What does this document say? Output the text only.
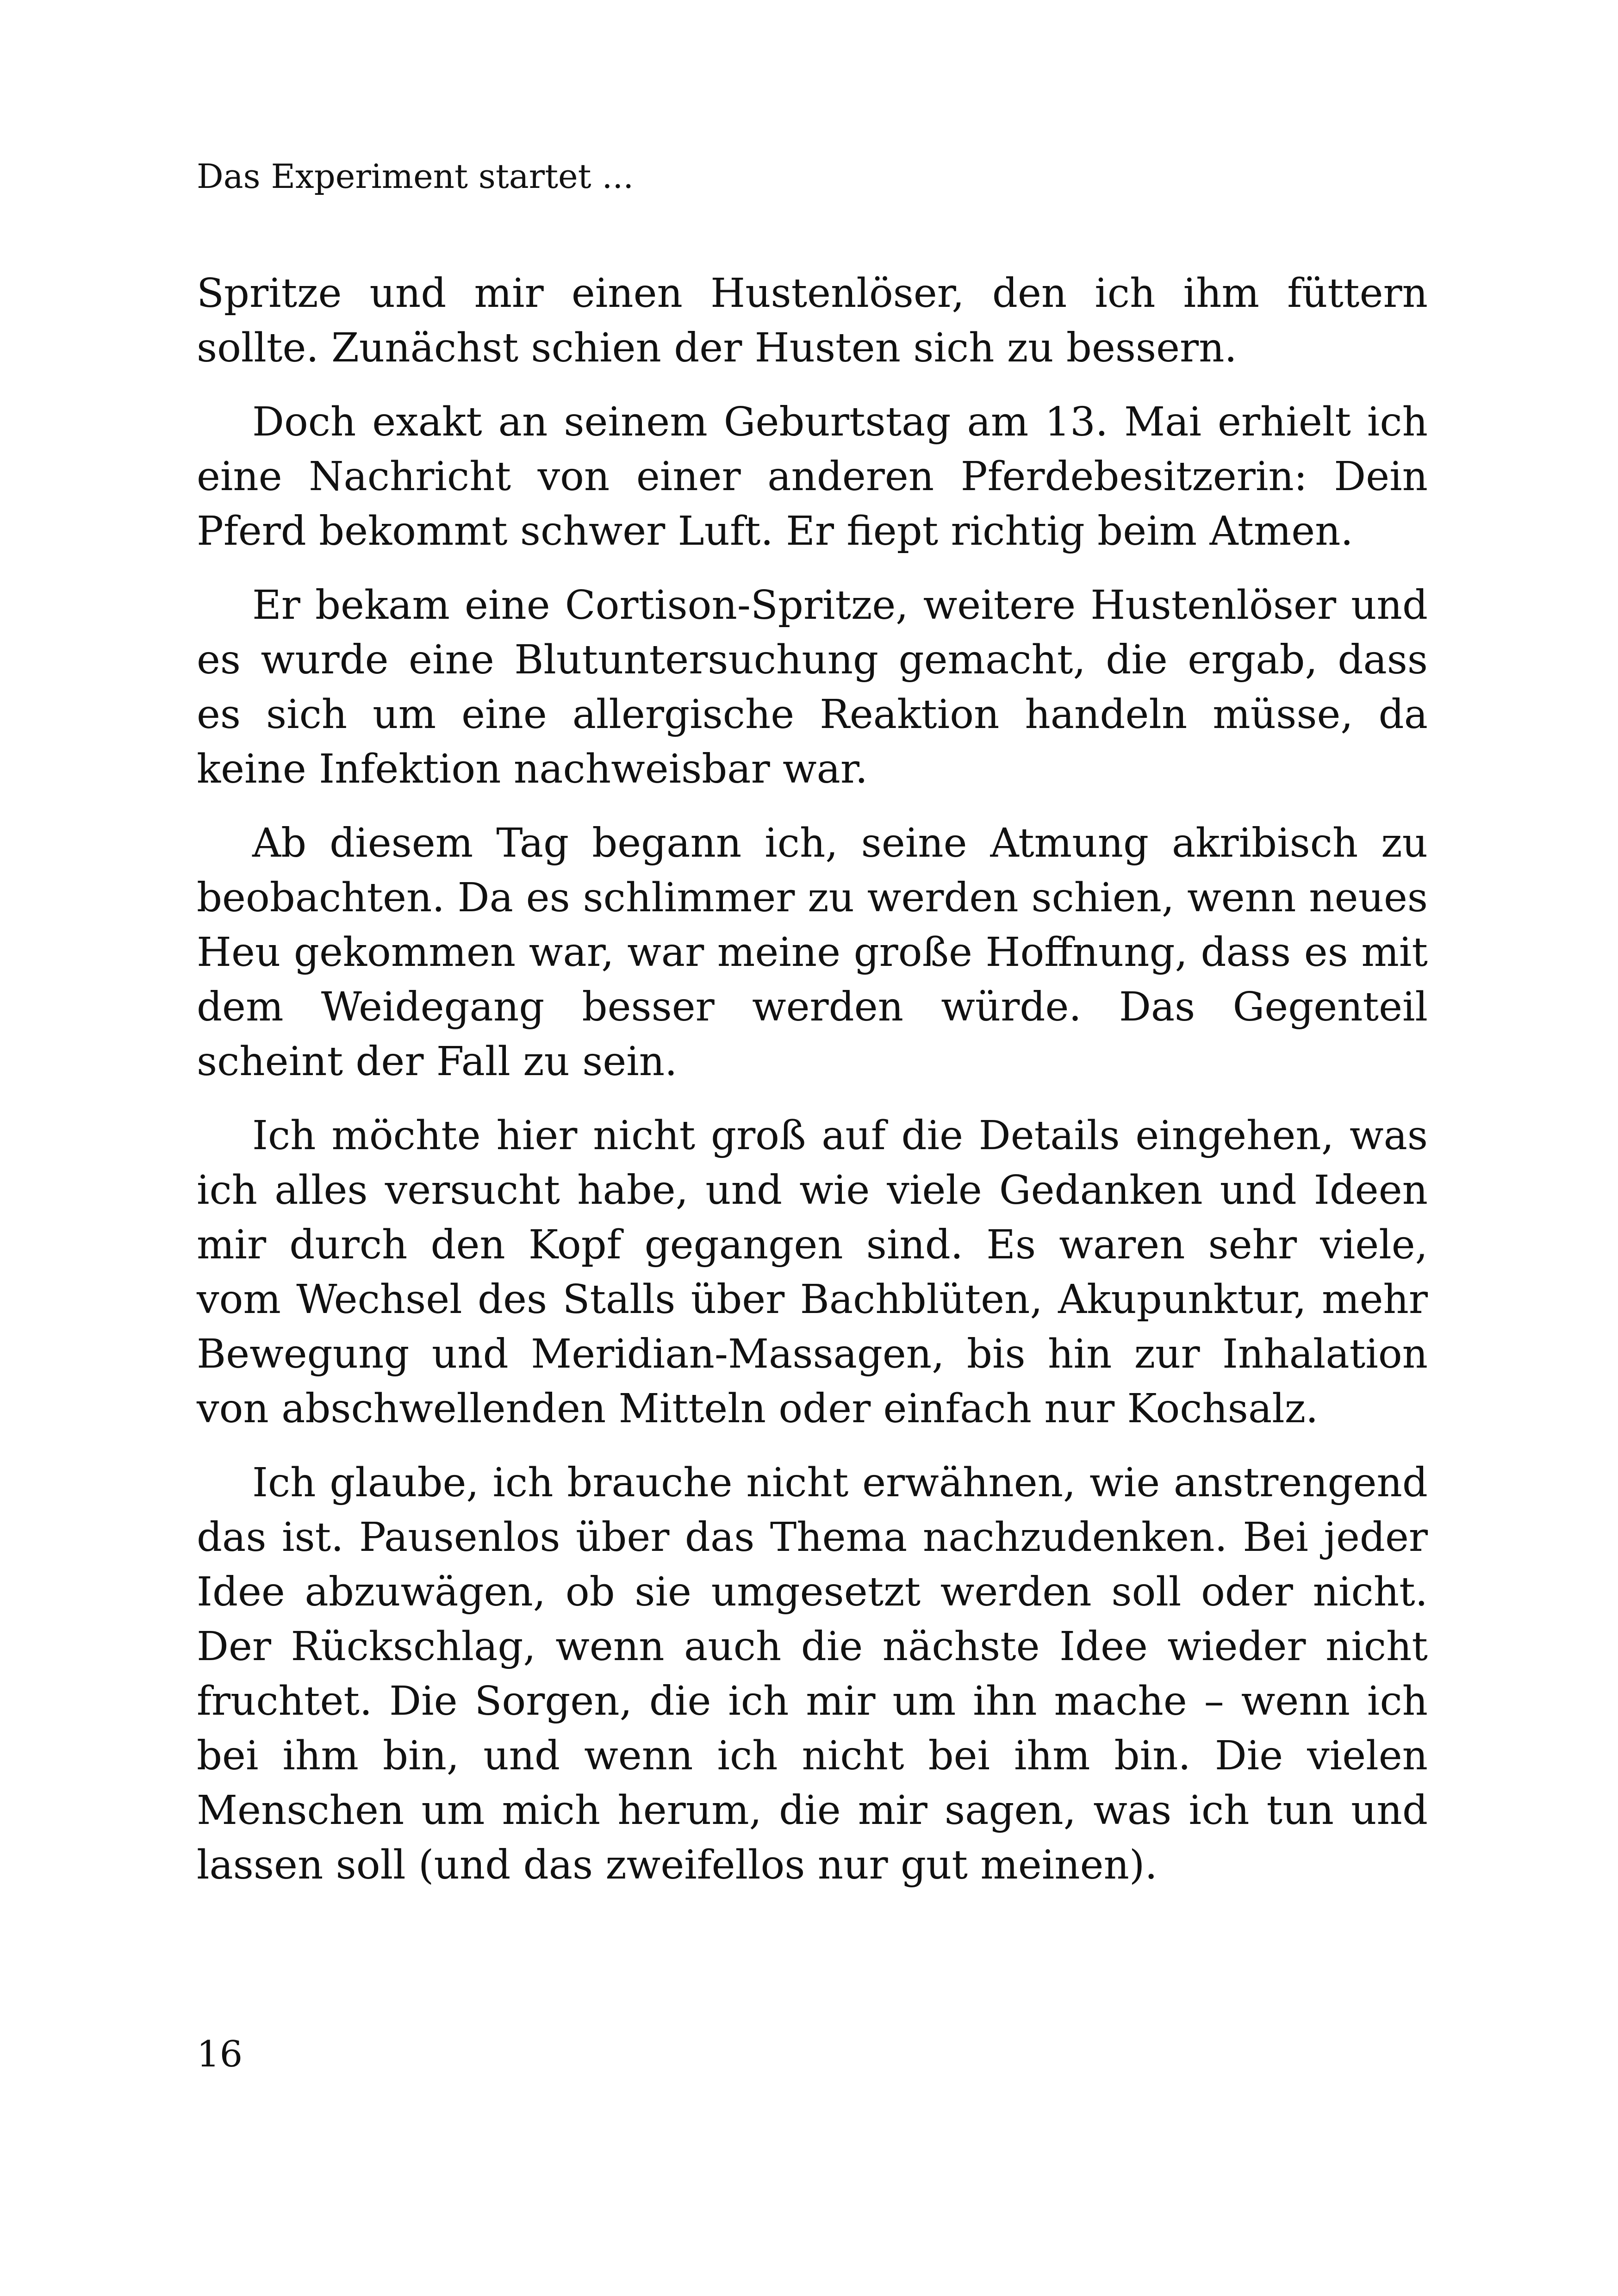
Das Experiment startet ...

Spritze und mir einen Hustenlöser, den ich ihm füttern sollte. Zunächst schien der Husten sich zu bessern.

Doch exakt an seinem Geburtstag am 13. Mai erhielt ich eine Nachricht von einer anderen Pferdebesitzerin: Dein Pferd bekommt schwer Luft. Er fiept richtig beim Atmen.

Er bekam eine Cortison-Spritze, weitere Hustenlöser und es wurde eine Blutuntersuchung gemacht, die ergab, dass es sich um eine allergische Reaktion handeln müsse, da keine Infektion nachweisbar war.

Ab diesem Tag begann ich, seine Atmung akribisch zu beobachten. Da es schlimmer zu werden schien, wenn neues Heu gekommen war, war meine große Hoffnung, dass es mit dem Weidegang besser werden würde. Das Gegenteil scheint der Fall zu sein.

Ich möchte hier nicht groß auf die Details eingehen, was ich alles versucht habe, und wie viele Gedanken und Ideen mir durch den Kopf gegangen sind. Es waren sehr viele, vom Wechsel des Stalls über Bachblüten, Akupunktur, mehr Bewegung und Meridian-Massagen, bis hin zur Inhalation von abschwellenden Mitteln oder einfach nur Kochsalz.

Ich glaube, ich brauche nicht erwähnen, wie anstrengend das ist. Pausenlos über das Thema nachzudenken. Bei jeder Idee abzuwägen, ob sie umgesetzt werden soll oder nicht. Der Rückschlag, wenn auch die nächste Idee wieder nicht fruchtet. Die Sorgen, die ich mir um ihn mache – wenn ich bei ihm bin, und wenn ich nicht bei ihm bin. Die vielen Menschen um mich herum, die mir sagen, was ich tun und lassen soll (und das zweifellos nur gut meinen).

16
